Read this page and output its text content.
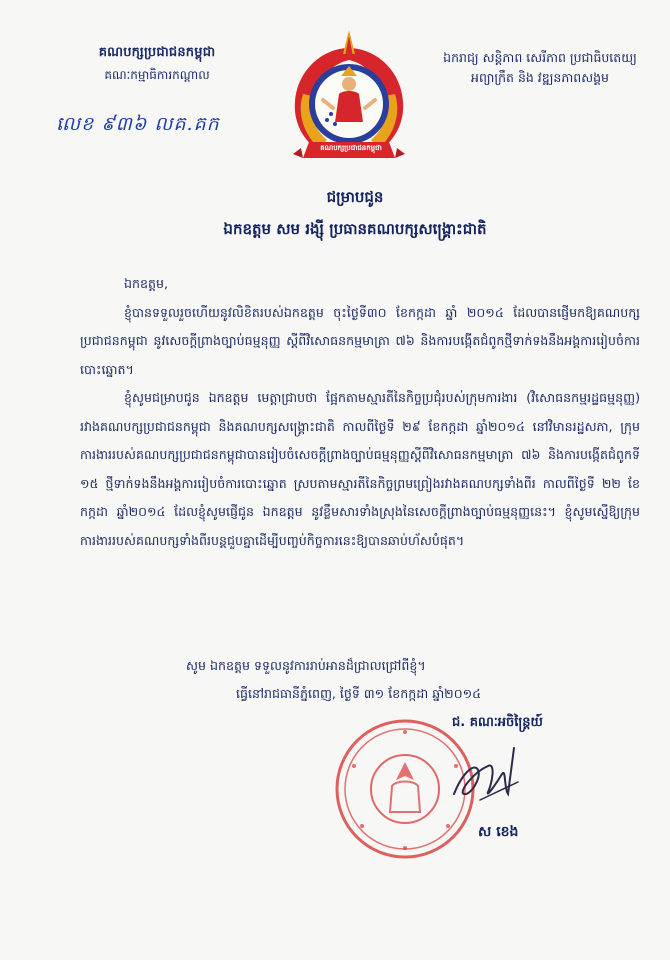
គណបក្សប្រជាជនកម្ពុជា
គណៈកម្មាធិការកណ្តាល
លេខ ៩៣៦ លគ.គក
គណបក្សប្រជាជនកម្ពុជា
ឯករាជ្យ សន្តិភាព សេរីភាព ប្រជាធិបតេយ្យ
អព្យាក្រឹត និង វឌ្ឍនភាពសង្គម
ជម្រាបជូន
ឯកឧត្តម សម រង្ស៊ី ប្រធានគណបក្សសង្គ្រោះជាតិ

ឯកឧត្តម,

ខ្ញុំបានទទួលរួចហើយនូវលិខិតរបស់ឯកឧត្តម ចុះថ្ងៃទី៣០ ខែកក្កដា ឆ្នាំ ២០១៤ ដែលបានផ្ញើមកឱ្យគណបក្សប្រជាជនកម្ពុជា នូវសេចក្តីព្រាងច្បាប់ធម្មនុញ្ញ ស្តីពីវិសោធនកម្មមាត្រា ៧៦ និងការបង្កើតជំពូកថ្មីទាក់ទងនឹងអង្គការរៀបចំការបោះឆ្នោត។

ខ្ញុំសូមជម្រាបជូន ឯកឧត្តម មេត្តាជ្រាបថា ផ្អែកតាមស្មារតីនៃកិច្ចប្រជុំរបស់ក្រុមការងារ (វិសោធនកម្មរដ្ឋធម្មនុញ្ញ) រវាងគណបក្សប្រជាជនកម្ពុជា និងគណបក្សសង្គ្រោះជាតិ កាលពីថ្ងៃទី ២៩ ខែកក្កដា ឆ្នាំ២០១៤ នៅវិមានរដ្ឋសភា, ក្រុមការងាររបស់គណបក្សប្រជាជនកម្ពុជាបានរៀបចំសេចក្តីព្រាងច្បាប់ធម្មនុញ្ញស្តីពីវិសោធនកម្មមាត្រា ៧៦ និងការបង្កើតជំពូកទី ១៥ ថ្មីទាក់ទងនឹងអង្គការរៀបចំការបោះឆ្នោត ស្របតាមស្មារតីនៃកិច្ចព្រមព្រៀងរវាងគណបក្សទាំងពីរ កាលពីថ្ងៃទី ២២ ខែកក្កដា ឆ្នាំ២០១៤ ដែលខ្ញុំសូមផ្ញើជូន ឯកឧត្តម នូវខ្លឹមសារទាំងស្រុងនៃសេចក្តីព្រាងច្បាប់ធម្មនុញ្ញនេះ។ ខ្ញុំសូមស្នើឱ្យក្រុមការងាររបស់គណបក្សទាំងពីរបន្តជួបគ្នាដើម្បីបញ្ចប់កិច្ចការនេះឱ្យបានឆាប់ហ័សបំផុត។

សូម ឯកឧត្តម ទទួលនូវការរាប់អានដ៏ជ្រាលជ្រៅពីខ្ញុំ។
ធ្វើនៅរាជធានីភ្នំពេញ, ថ្ងៃទី ៣១ ខែកក្កដា ឆ្នាំ២០១៤
ជ. គណៈអចិន្ត្រៃយ៍
ស ខេង
